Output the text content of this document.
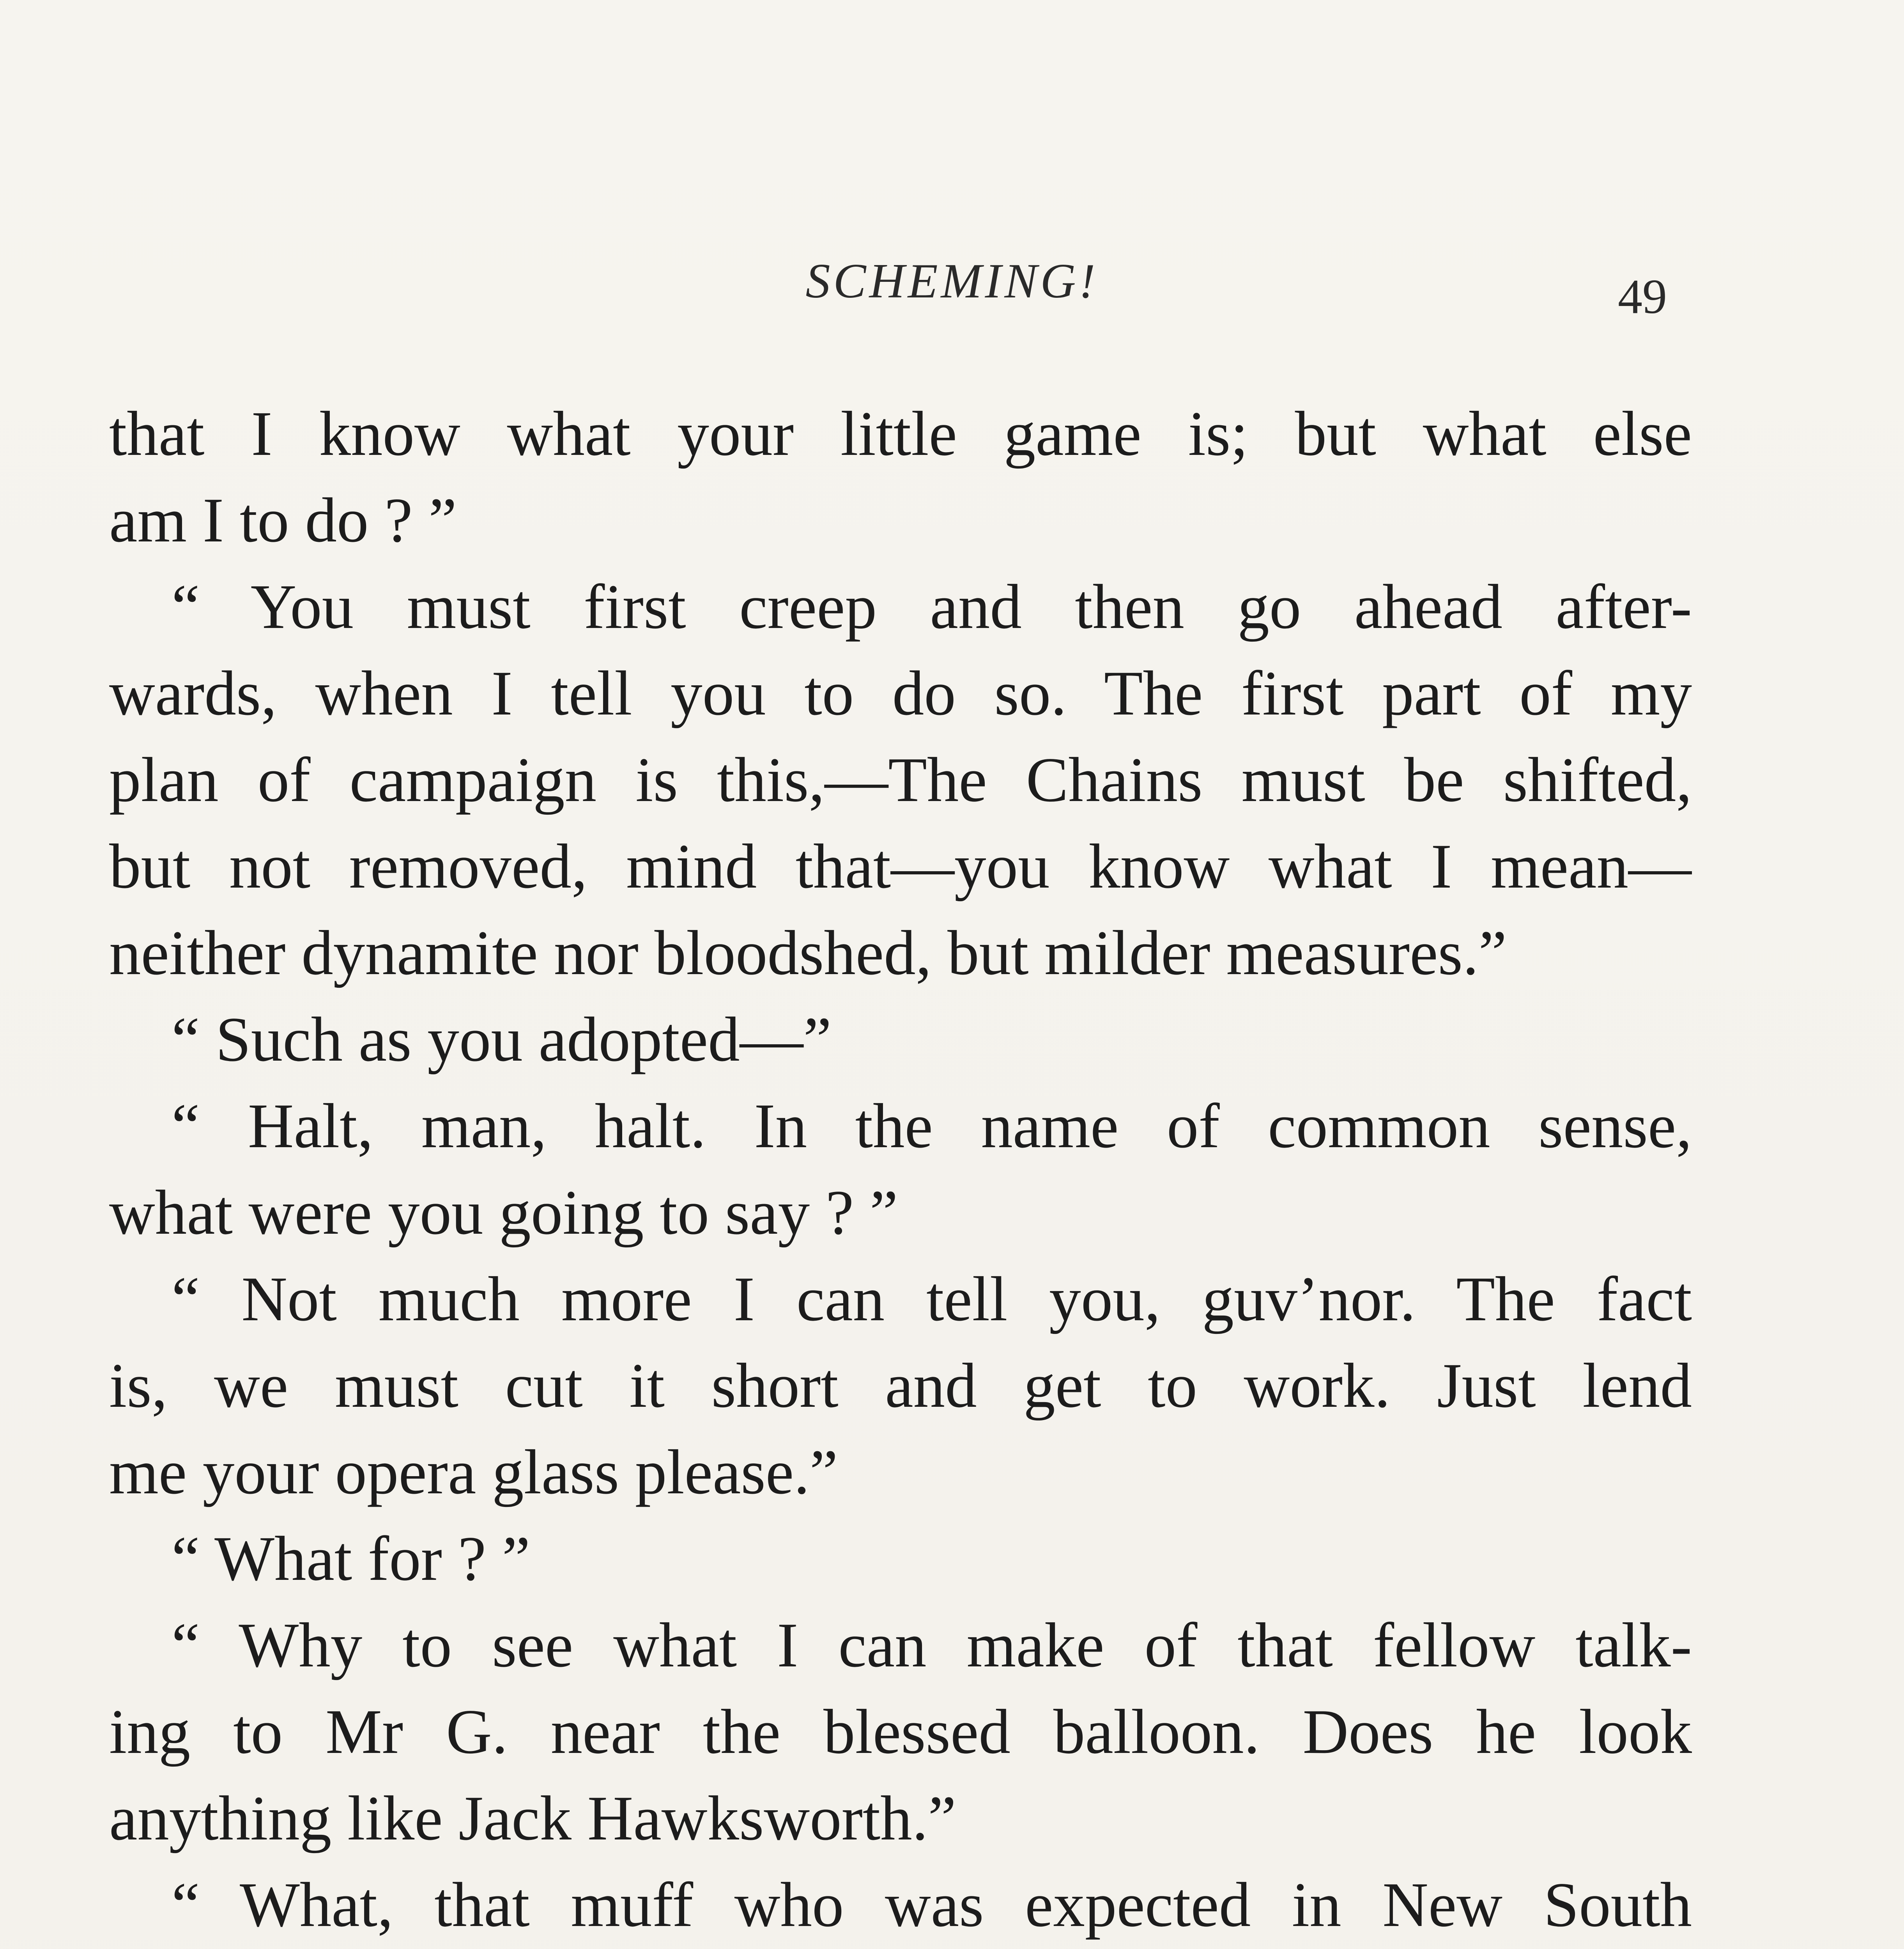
SCHEMING!	49
that I know what your little game is; but what else
am I to do ? ”
“ You must first creep and then go ahead after-
wards, when I tell you to do so. The first part of my
plan of campaign is this,—The Chains must be shifted,
but not removed, mind that—you know what I mean—
neither dynamite nor bloodshed, but milder measures.”
“ Such as you adopted—”
“ Halt, man, halt. In the name of common sense,
what were you going to say ? ”
“ Not much more I can tell you, guv’nor. The fact
is, we must cut it short and get to work. Just lend
me your opera glass please.”
“ What for ? ”
“ Why to see what I can make of that fellow talk-
ing to Mr G. near the blessed balloon. Does he look
anything like Jack Hawksworth.”
“ What, that muff who was expected in New South
